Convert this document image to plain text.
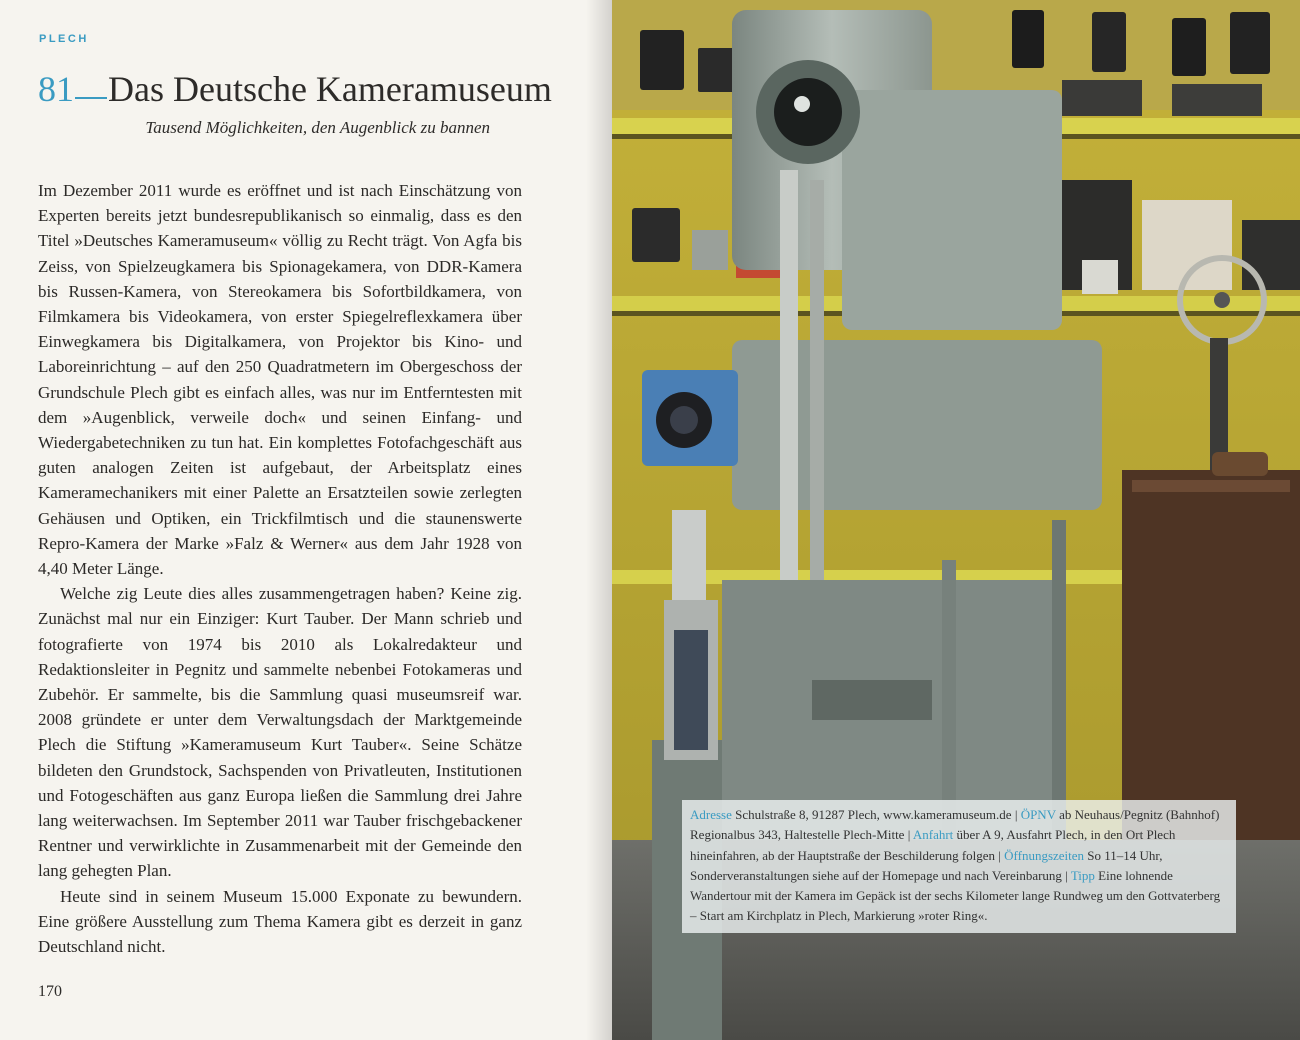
PLECH
81 Das Deutsche Kameramuseum
Tausend Möglichkeiten, den Augenblick zu bannen

Im Dezember 2011 wurde es eröffnet und ist nach Einschätzung von Experten bereits jetzt bundesrepublikanisch so einmalig, dass es den Titel »Deutsches Kameramuseum« völlig zu Recht trägt. Von Agfa bis Zeiss, von Spielzeugkamera bis Spionagekamera, von DDR-Kamera bis Russen-Kamera, von Stereokamera bis Sofortbildkamera, von Filmkamera bis Videokamera, von erster Spiegelreflexkamera über Einwegkamera bis Digitalkamera, von Projektor bis Kino- und Laboreinrichtung – auf den 250 Quadratmetern im Obergeschoss der Grundschule Plech gibt es einfach alles, was nur im Entferntesten mit dem »Augenblick, verweile doch« und seinen Einfang- und Wiedergabetechniken zu tun hat. Ein komplettes Fotofachgeschäft aus guten analogen Zeiten ist aufgebaut, der Arbeitsplatz eines Kameramechanikers mit einer Palette an Ersatzteilen sowie zerlegten Gehäusen und Optiken, ein Trickfilmtisch und die staunenswerte Repro-Kamera der Marke »Falz & Werner« aus dem Jahr 1928 von 4,40 Meter Länge.

Welche zig Leute dies alles zusammengetragen haben? Keine zig. Zunächst mal nur ein Einziger: Kurt Tauber. Der Mann schrieb und fotografierte von 1974 bis 2010 als Lokalredakteur und Redaktionsleiter in Pegnitz und sammelte nebenbei Fotokameras und Zubehör. Er sammelte, bis die Sammlung quasi museumsreif war. 2008 gründete er unter dem Verwaltungsdach der Marktgemeinde Plech die Stiftung »Kameramuseum Kurt Tauber«. Seine Schätze bildeten den Grundstock, Sachspenden von Privatleuten, Institutionen und Fotogeschäften aus ganz Europa ließen die Sammlung drei Jahre lang weiterwachsen. Im September 2011 war Tauber frischgebackener Rentner und verwirklichte in Zusammenarbeit mit der Gemeinde den lang gehegten Plan.

Heute sind in seinem Museum 15.000 Exponate zu bewundern. Eine größere Ausstellung zum Thema Kamera gibt es derzeit in ganz Deutschland nicht.

170
Adresse Schulstraße 8, 91287 Plech, www.kameramuseum.de | ÖPNV ab Neuhaus/Pegnitz (Bahnhof) Regionalbus 343, Haltestelle Plech-Mitte | Anfahrt über A 9, Ausfahrt Plech, in den Ort Plech hineinfahren, ab der Hauptstraße der Beschilderung folgen | Öffnungszeiten So 11–14 Uhr, Sonderveranstaltungen siehe auf der Homepage und nach Vereinbarung | Tipp Eine lohnende Wandertour mit der Kamera im Gepäck ist der sechs Kilometer lange Rundweg um den Gottvaterberg – Start am Kirchplatz in Plech, Markierung »roter Ring«.
